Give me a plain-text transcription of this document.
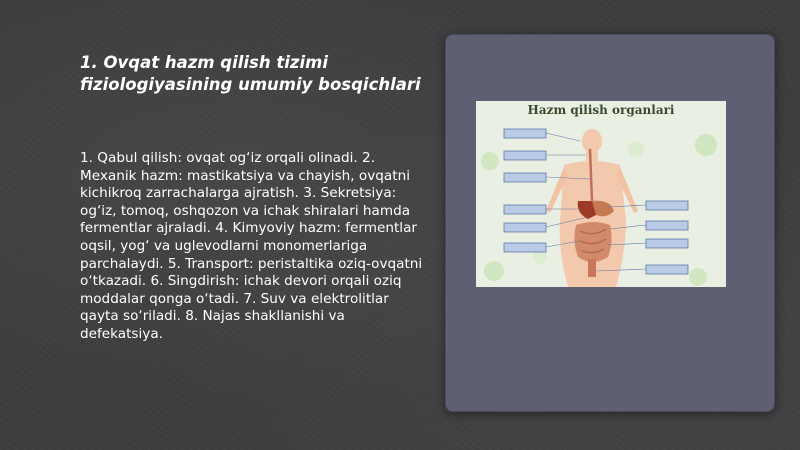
1. Ovqat hazm qilish tizimi fiziologiyasining umumiy bosqichlari

1. Qabul qilish: ovqat og‘iz orqali olinadi. 2. Mexanik hazm: mastikatsiya va chayish, ovqatni kichikroq zarrachalarga ajratish. 3. Sekretsiya: og‘iz, tomoq, oshqozon va ichak shiralari hamda fermentlar ajraladi. 4. Kimyoviy hazm: fermentlar oqsil, yog‘ va uglevodlarni monomerlariga parchalaydi. 5. Transport: peristaltika oziq-ovqatni o‘tkazadi. 6. Singdirish: ichak devori orqali oziq moddalar qonga o‘tadi. 7. Suv va elektrolitlar qayta so‘riladi. 8. Najas shakllanishi va defekatsiya.

Hazm qilish organlari
